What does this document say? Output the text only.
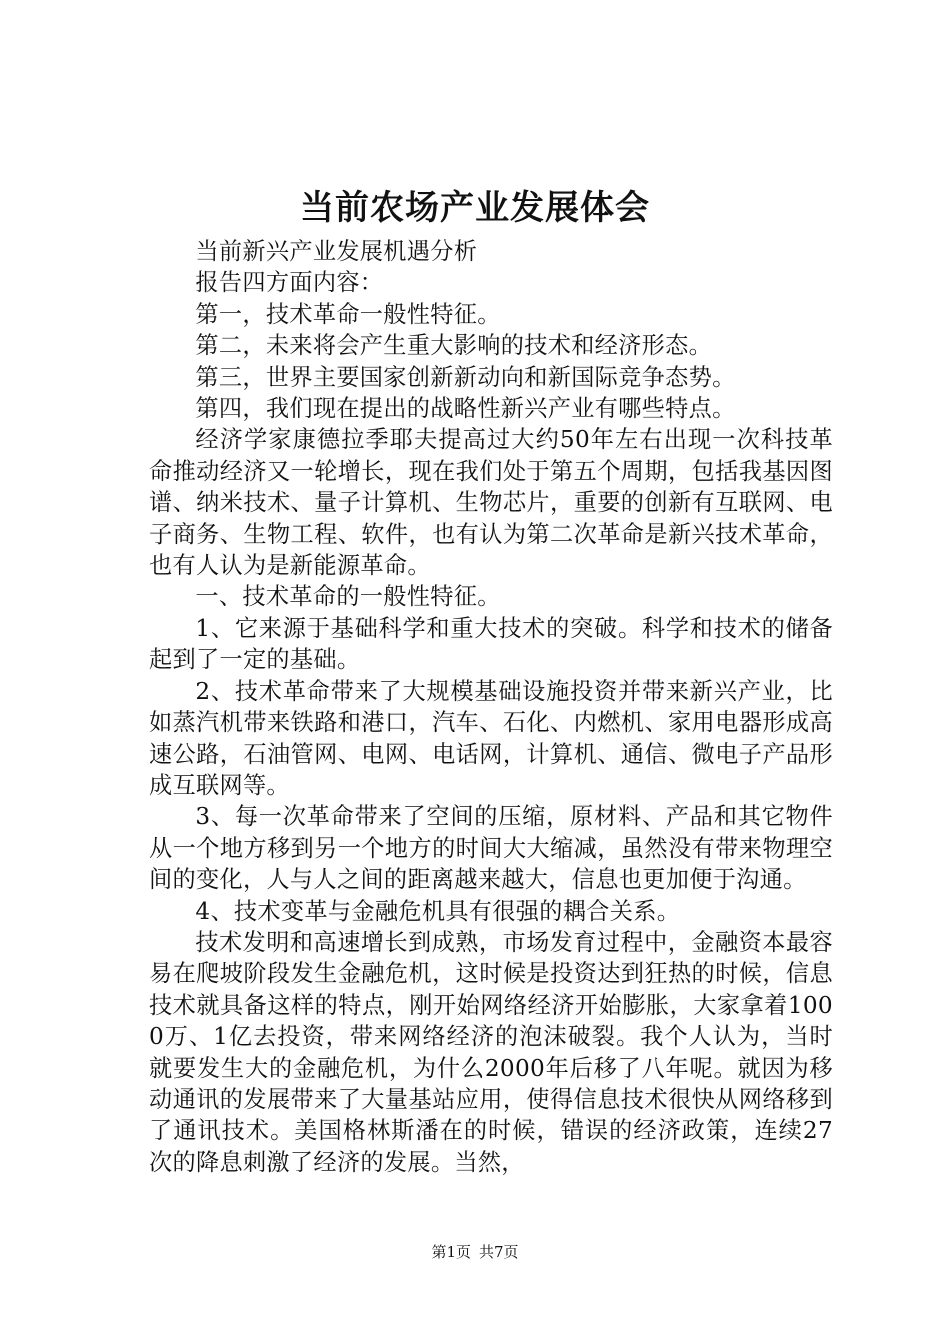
当前农场产业发展体会

当前新兴产业发展机遇分析

报告四方面内容：

第一，技术革命一般性特征。

第二，未来将会产生重大影响的技术和经济形态。

第三，世界主要国家创新新动向和新国际竞争态势。

第四，我们现在提出的战略性新兴产业有哪些特点。

经济学家康德拉季耶夫提高过大约50年左右出现一次科技革命推动经济又一轮增长，现在我们处于第五个周期，包括我基因图谱、纳米技术、量子计算机、生物芯片，重要的创新有互联网、电子商务、生物工程、软件，也有认为第二次革命是新兴技术革命，也有人认为是新能源革命。

一、技术革命的一般性特征。

1、它来源于基础科学和重大技术的突破。科学和技术的储备起到了一定的基础。

2、技术革命带来了大规模基础设施投资并带来新兴产业，比如蒸汽机带来铁路和港口，汽车、石化、内燃机、家用电器形成高速公路，石油管网、电网、电话网，计算机、通信、微电子产品形成互联网等。

3、每一次革命带来了空间的压缩，原材料、产品和其它物件从一个地方移到另一个地方的时间大大缩减，虽然没有带来物理空间的变化，人与人之间的距离越来越大，信息也更加便于沟通。

4、技术变革与金融危机具有很强的耦合关系。

技术发明和高速增长到成熟，市场发育过程中，金融资本最容易在爬坡阶段发生金融危机，这时候是投资达到狂热的时候，信息技术就具备这样的特点，刚开始网络经济开始膨胀，大家拿着1000万、1亿去投资，带来网络经济的泡沫破裂。我个人认为，当时就要发生大的金融危机，为什么2000年后移了八年呢。就因为移动通讯的发展带来了大量基站应用，使得信息技术很快从网络移到了通讯技术。美国格林斯潘在的时候，错误的经济政策，连续27次的降息刺激了经济的发展。当然，

第1页 共7页
